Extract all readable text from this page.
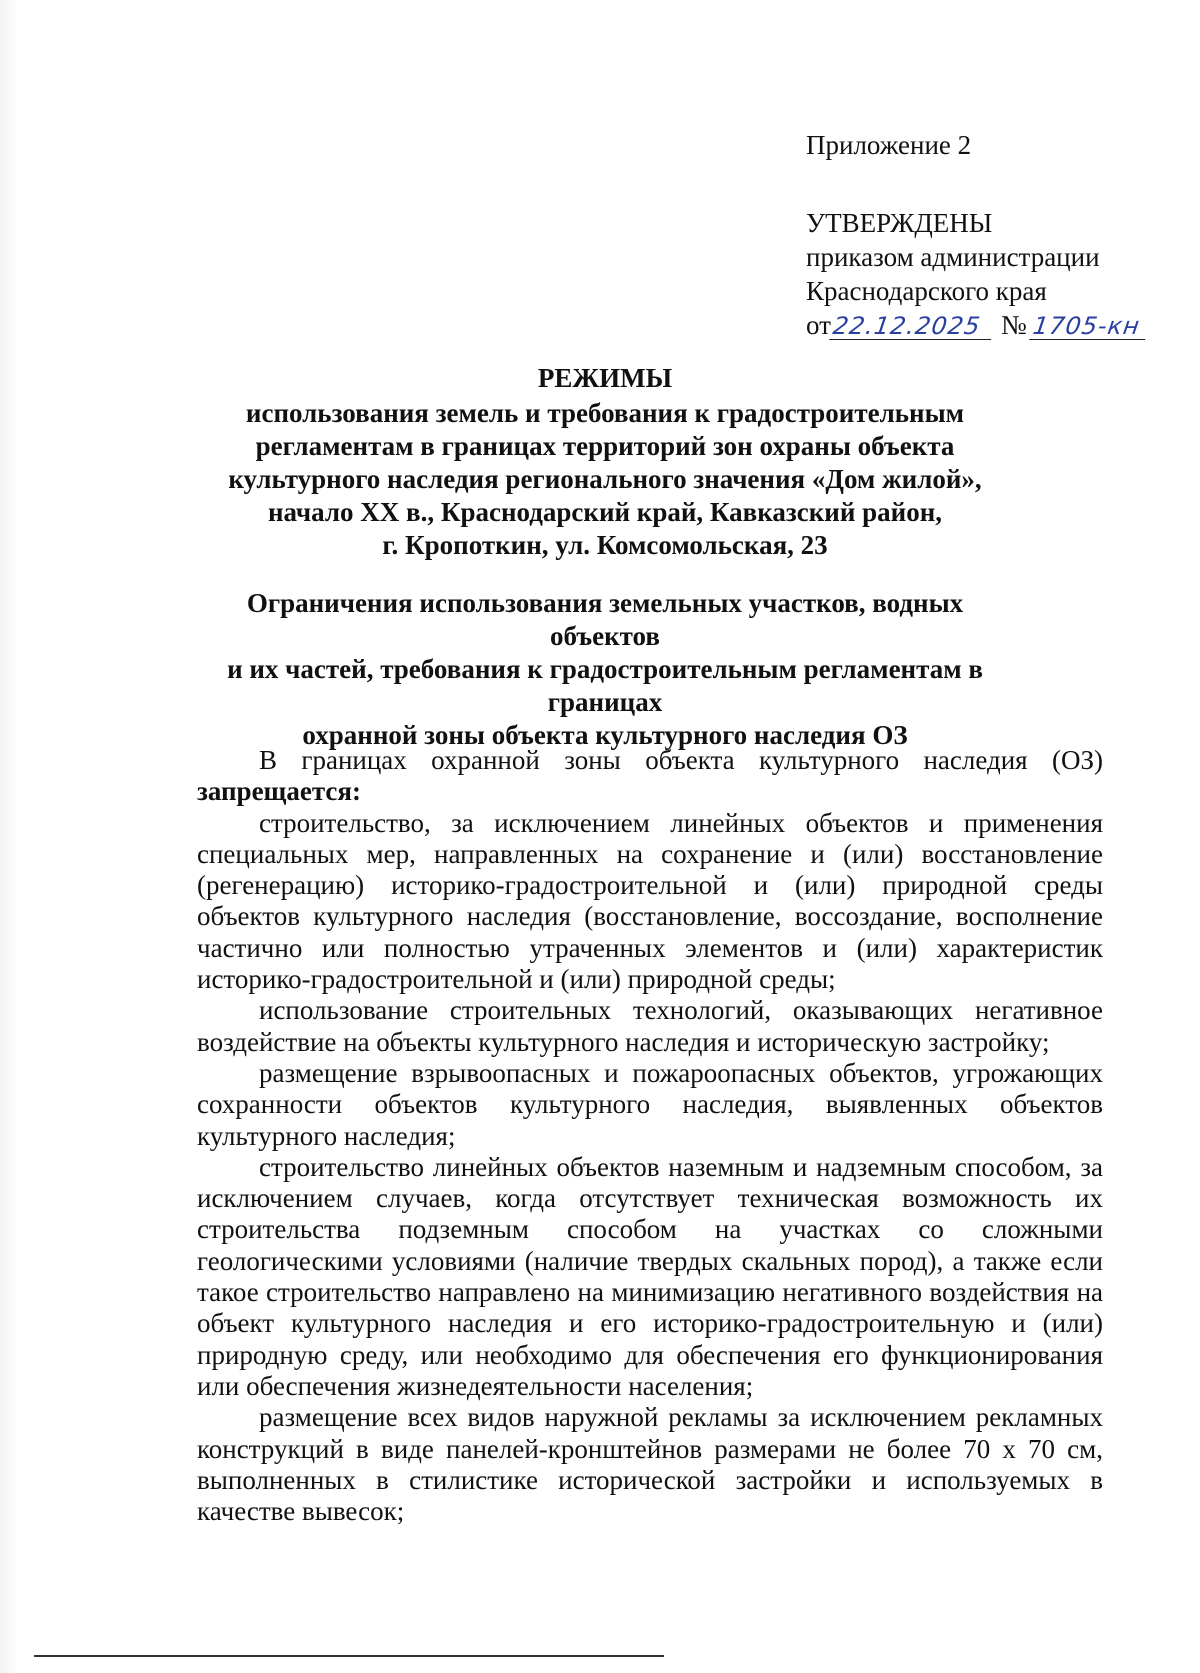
Приложение 2
УТВЕРЖДЕНЫ
приказом администрации
Краснодарского края
от 22.12.2025 № 1705-кн
РЕЖИМЫ
использования земель и требования к градостроительным
регламентам в границах территорий зон охраны объекта
культурного наследия регионального значения «Дом жилой»,
начало XX в., Краснодарский край, Кавказский район,
г. Кропоткин, ул. Комсомольская, 23
Ограничения использования земельных участков, водных объектов
и их частей, требования к градостроительным регламентам в границах
охранной зоны объекта культурного наследия ОЗ

В границах охранной зоны объекта культурного наследия (ОЗ) запрещается:

строительство, за исключением линейных объектов и применения специальных мер, направленных на сохранение и (или) восстановление (регенерацию) историко-градостроительной и (или) природной среды объектов культурного наследия (восстановление, воссоздание, восполнение частично или полностью утраченных элементов и (или) характеристик историко-градостроительной и (или) природной среды;

использование строительных технологий, оказывающих негативное воздействие на объекты культурного наследия и историческую застройку;

размещение взрывоопасных и пожароопасных объектов, угрожающих сохранности объектов культурного наследия, выявленных объектов культурного наследия;

строительство линейных объектов наземным и надземным способом, за исключением случаев, когда отсутствует техническая возможность их строительства подземным способом на участках со сложными геологическими условиями (наличие твердых скальных пород), а также если такое строительство направлено на минимизацию негативного воздействия на объект культурного наследия и его историко-градостроительную и (или) природную среду, или необходимо для обеспечения его функционирования или обеспечения жизнедеятельности населения;

размещение всех видов наружной рекламы за исключением рекламных конструкций в виде панелей-кронштейнов размерами не более 70 х 70 см, выполненных в стилистике исторической застройки и используемых в качестве вывесок;
